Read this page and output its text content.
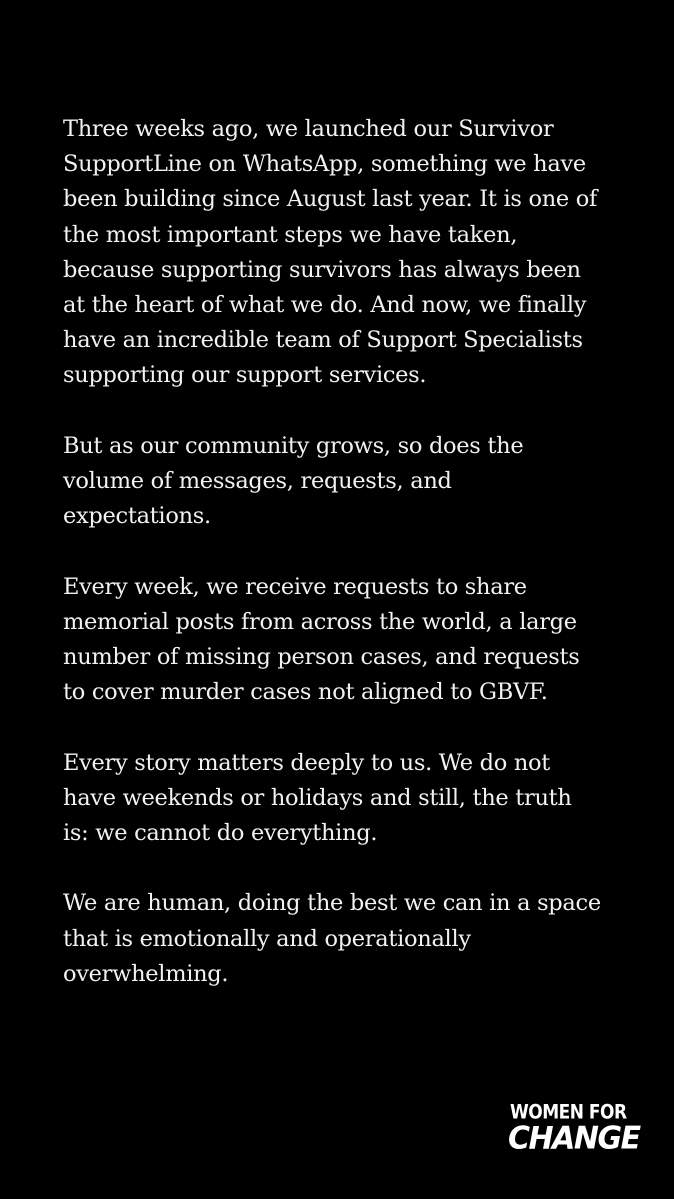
Three weeks ago, we launched our Survivor
SupportLine on WhatsApp, something we have
been building since August last year. It is one of
the most important steps we have taken,
because supporting survivors has always been
at the heart of what we do. And now, we finally
have an incredible team of Support Specialists
supporting our support services.

But as our community grows, so does the
volume of messages, requests, and
expectations.

Every week, we receive requests to share
memorial posts from across the world, a large
number of missing person cases, and requests
to cover murder cases not aligned to GBVF.

Every story matters deeply to us. We do not
have weekends or holidays and still, the truth
is: we cannot do everything.

We are human, doing the best we can in a space
that is emotionally and operationally
overwhelming.

WOMEN FOR
CHANGE
